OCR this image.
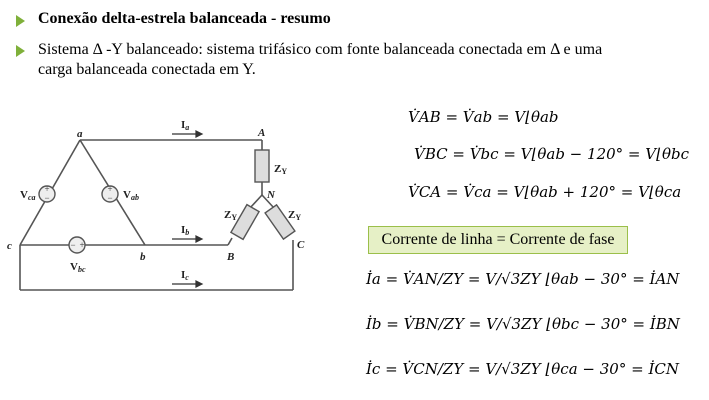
Conexão delta-estrela balanceada - resumo
Sistema Δ -Y balanceado: sistema trifásico com fonte balanceada conectada em Δ e uma
carga balanceada conectada em Y.
+
−
+
−
− +
a
b
c
A
B
C
N
Ia
Ib
Ic
Vca	Vab
Vbc
ZY
ZY	ZY
V̇AB = V̇ab = V⌊θab
V̇BC = V̇bc = V⌊θab − 120° = V⌊θbc
V̇CA = V̇ca = V⌊θab + 120° = V⌊θca
Corrente de linha = Corrente de fase
İa = V̇AN/ZY = V/√3ZY ⌊θab − 30° = İAN
İb = V̇BN/ZY = V/√3ZY ⌊θbc − 30° = İBN
İc = V̇CN/ZY = V/√3ZY ⌊θca − 30° = İCN
